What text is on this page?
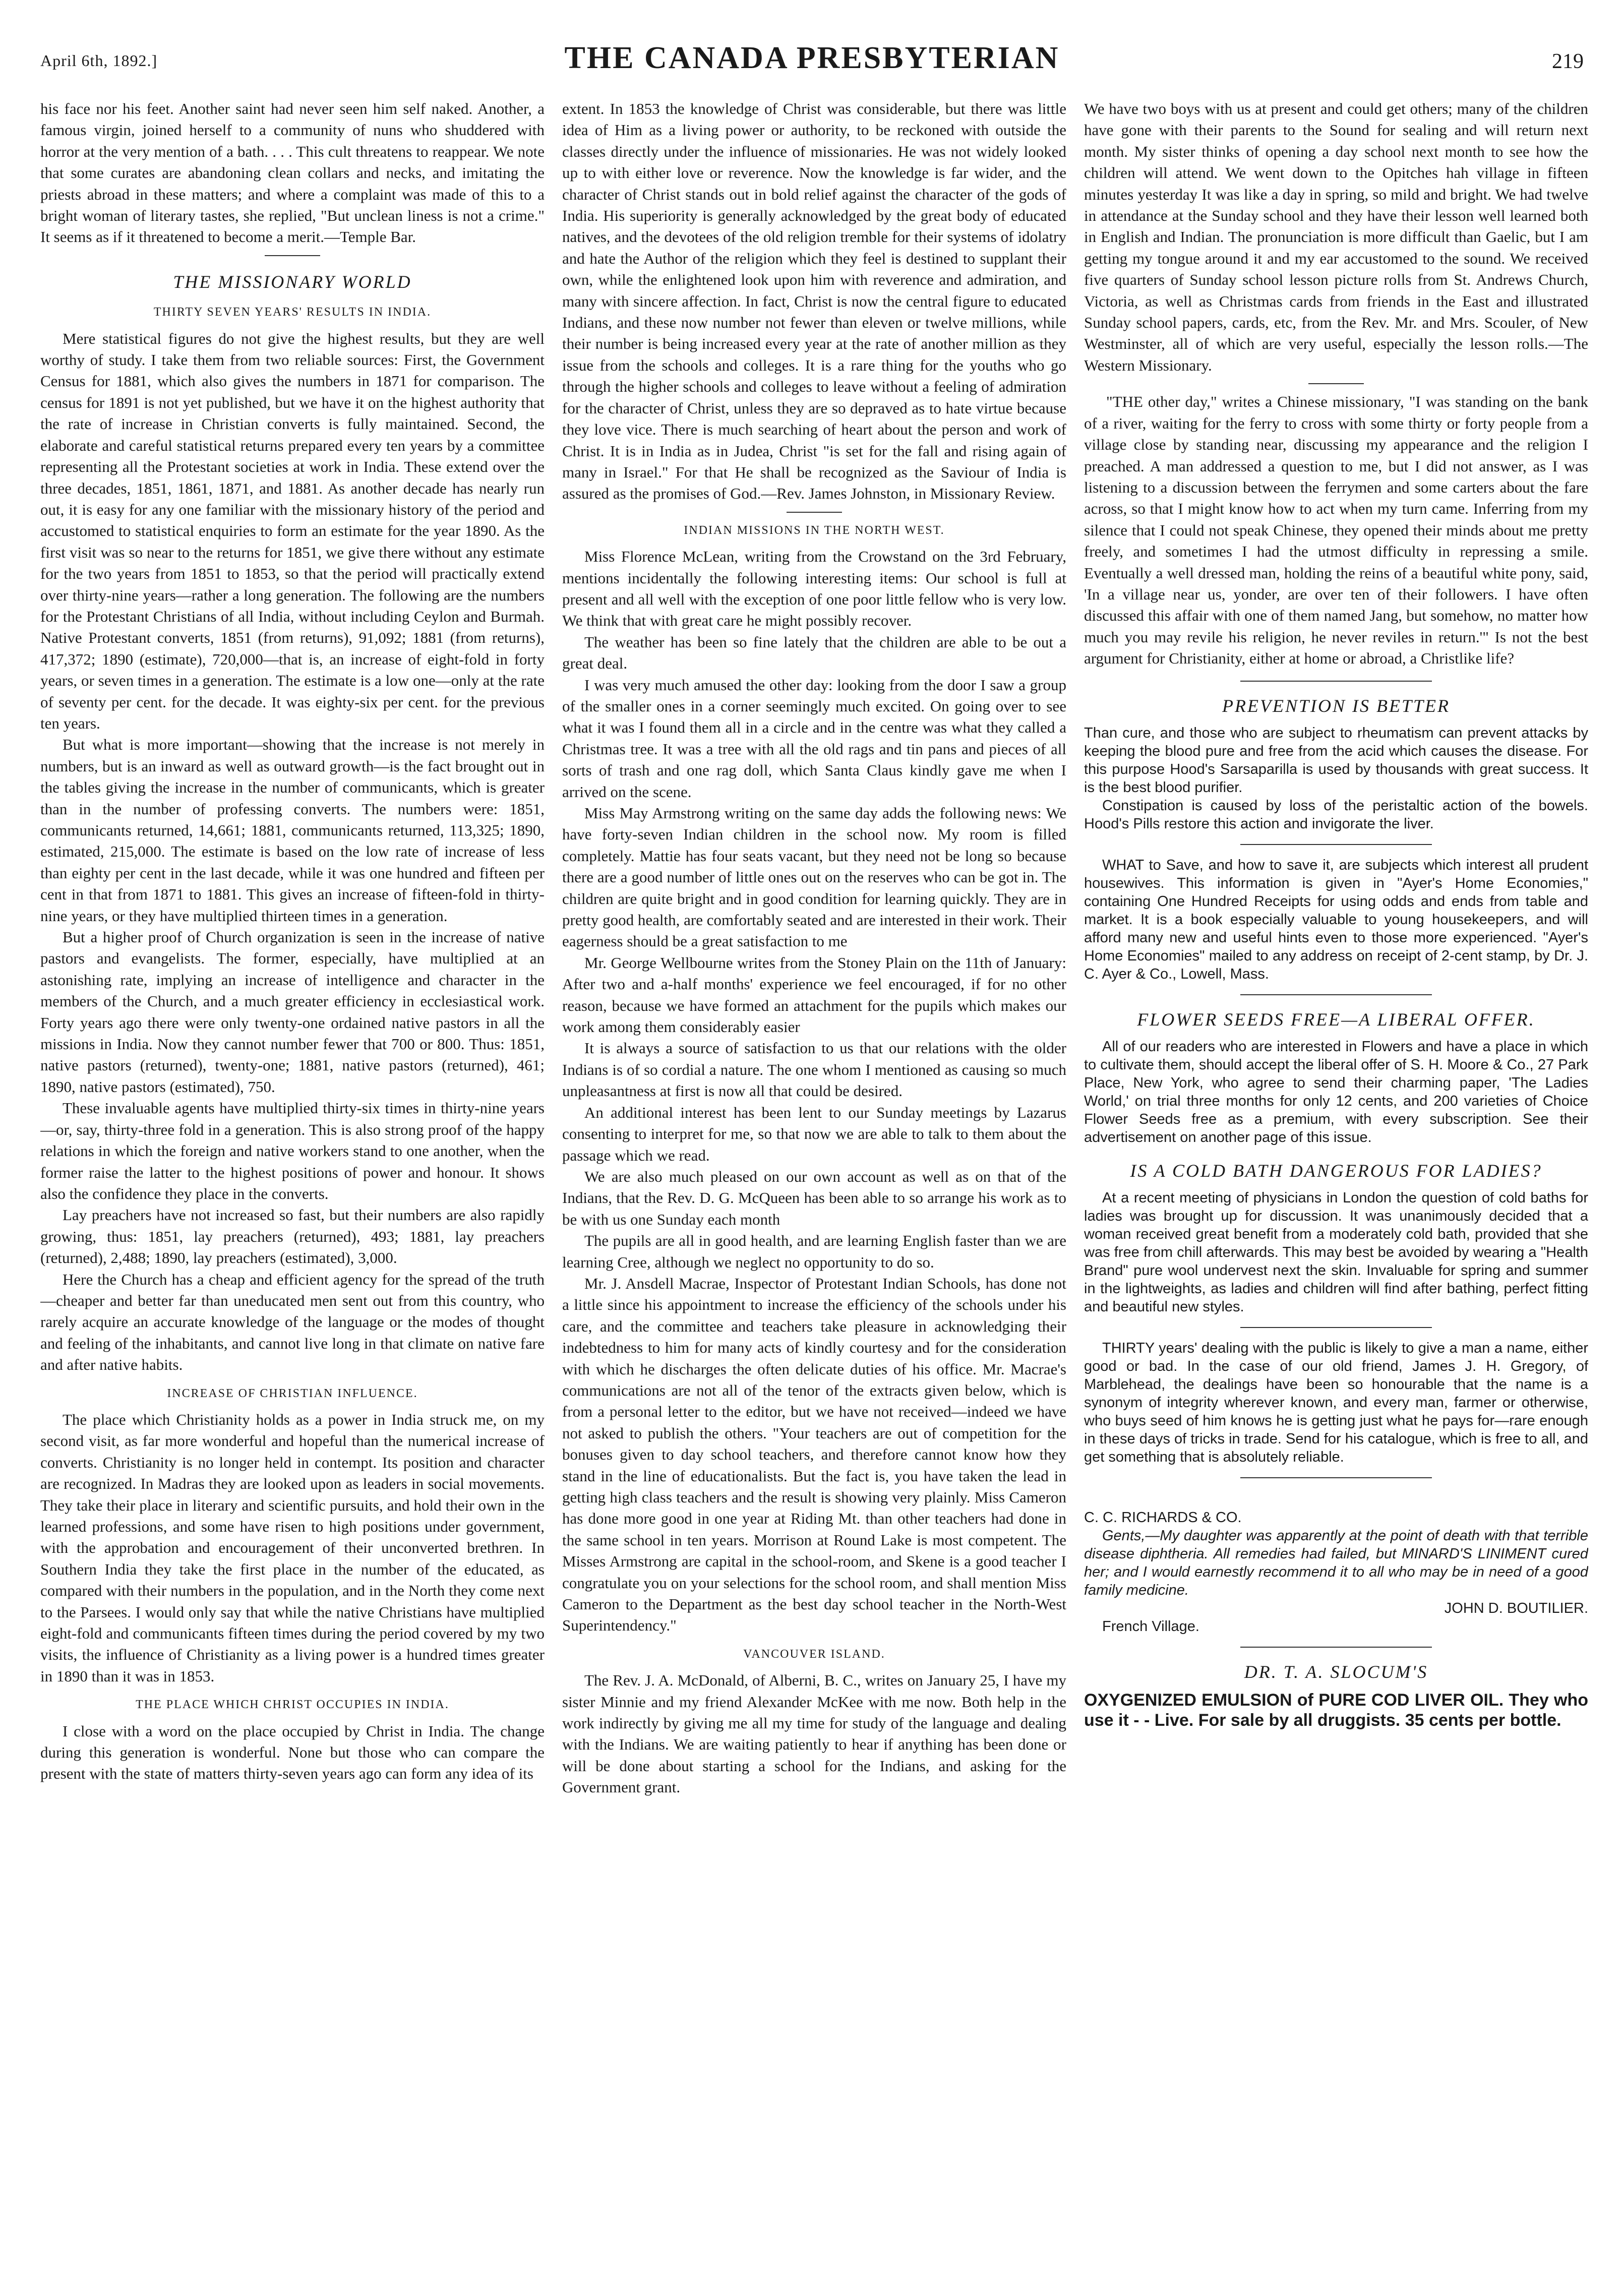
April 6th, 1892.]	THE CANADA PRESBYTERIAN	219

his face nor his feet. Another saint had never seen him self naked. Another, a famous virgin, joined herself to a community of nuns who shuddered with horror at the very mention of a bath. . . . This cult threatens to reappear. We note that some curates are abandoning clean collars and necks, and imitating the priests abroad in these matters; and where a complaint was made of this to a bright woman of literary tastes, she replied, "But unclean liness is not a crime." It seems as if it threatened to become a merit.—Temple Bar.

THE MISSIONARY WORLD
THIRTY SEVEN YEARS' RESULTS IN INDIA.

Mere statistical figures do not give the highest results, but they are well worthy of study. I take them from two reliable sources: First, the Government Census for 1881, which also gives the numbers in 1871 for comparison. The census for 1891 is not yet published, but we have it on the highest authority that the rate of increase in Christian converts is fully maintained. Second, the elaborate and careful statistical returns prepared every ten years by a committee representing all the Protestant societies at work in India. These extend over the three decades, 1851, 1861, 1871, and 1881. As another decade has nearly run out, it is easy for any one familiar with the missionary history of the period and accustomed to statistical enquiries to form an estimate for the year 1890. As the first visit was so near to the returns for 1851, we give there without any estimate for the two years from 1851 to 1853, so that the period will practically extend over thirty-nine years—rather a long generation. The following are the numbers for the Protestant Christians of all India, without including Ceylon and Burmah. Native Protestant converts, 1851 (from returns), 91,092; 1881 (from returns), 417,372; 1890 (estimate), 720,000—that is, an increase of eight-fold in forty years, or seven times in a generation. The estimate is a low one—only at the rate of seventy per cent. for the decade. It was eighty-six per cent. for the previous ten years.

But what is more important—showing that the increase is not merely in numbers, but is an inward as well as outward growth—is the fact brought out in the tables giving the increase in the number of communicants, which is greater than in the number of professing converts. The numbers were: 1851, communicants returned, 14,661; 1881, communicants returned, 113,325; 1890, estimated, 215,000. The estimate is based on the low rate of increase of less than eighty per cent in the last decade, while it was one hundred and fifteen per cent in that from 1871 to 1881. This gives an increase of fifteen-fold in thirty-nine years, or they have multiplied thirteen times in a generation.

But a higher proof of Church organization is seen in the increase of native pastors and evangelists. The former, especially, have multiplied at an astonishing rate, implying an increase of intelligence and character in the members of the Church, and a much greater efficiency in ecclesiastical work. Forty years ago there were only twenty-one ordained native pastors in all the missions in India. Now they cannot number fewer that 700 or 800. Thus: 1851, native pastors (returned), twenty-one; 1881, native pastors (returned), 461; 1890, native pastors (estimated), 750.

These invaluable agents have multiplied thirty-six times in thirty-nine years—or, say, thirty-three fold in a generation. This is also strong proof of the happy relations in which the foreign and native workers stand to one another, when the former raise the latter to the highest positions of power and honour. It shows also the confidence they place in the converts.

Lay preachers have not increased so fast, but their numbers are also rapidly growing, thus: 1851, lay preachers (returned), 493; 1881, lay preachers (returned), 2,488; 1890, lay preachers (estimated), 3,000.

Here the Church has a cheap and efficient agency for the spread of the truth—cheaper and better far than uneducated men sent out from this country, who rarely acquire an accurate knowledge of the language or the modes of thought and feeling of the inhabitants, and cannot live long in that climate on native fare and after native habits.

INCREASE OF CHRISTIAN INFLUENCE.

The place which Christianity holds as a power in India struck me, on my second visit, as far more wonderful and hopeful than the numerical increase of converts. Christianity is no longer held in contempt. Its position and character are recognized. In Madras they are looked upon as leaders in social movements. They take their place in literary and scientific pursuits, and hold their own in the learned professions, and some have risen to high positions under government, with the approbation and encouragement of their unconverted brethren. In Southern India they take the first place in the number of the educated, as compared with their numbers in the population, and in the North they come next to the Parsees. I would only say that while the native Christians have multiplied eight-fold and communicants fifteen times during the period covered by my two visits, the influence of Christianity as a living power is a hundred times greater in 1890 than it was in 1853.

THE PLACE WHICH CHRIST OCCUPIES IN INDIA.

I close with a word on the place occupied by Christ in India. The change during this generation is wonderful. None but those who can compare the present with the state of matters thirty-seven years ago can form any idea of its

extent. In 1853 the knowledge of Christ was considerable, but there was little idea of Him as a living power or authority, to be reckoned with outside the classes directly under the influence of missionaries. He was not widely looked up to with either love or reverence. Now the knowledge is far wider, and the character of Christ stands out in bold relief against the character of the gods of India. His superiority is generally acknowledged by the great body of educated natives, and the devotees of the old religion tremble for their systems of idolatry and hate the Author of the religion which they feel is destined to supplant their own, while the enlightened look upon him with reverence and admiration, and many with sincere affection. In fact, Christ is now the central figure to educated Indians, and these now number not fewer than eleven or twelve millions, while their number is being increased every year at the rate of another million as they issue from the schools and colleges. It is a rare thing for the youths who go through the higher schools and colleges to leave without a feeling of admiration for the character of Christ, unless they are so depraved as to hate virtue because they love vice. There is much searching of heart about the person and work of Christ. It is in India as in Judea, Christ "is set for the fall and rising again of many in Israel." For that He shall be recognized as the Saviour of India is assured as the promises of God.—Rev. James Johnston, in Missionary Review.

INDIAN MISSIONS IN THE NORTH WEST.

Miss Florence McLean, writing from the Crowstand on the 3rd February, mentions incidentally the following interesting items: Our school is full at present and all well with the exception of one poor little fellow who is very low. We think that with great care he might possibly recover.

The weather has been so fine lately that the children are able to be out a great deal.

I was very much amused the other day: looking from the door I saw a group of the smaller ones in a corner seemingly much excited. On going over to see what it was I found them all in a circle and in the centre was what they called a Christmas tree. It was a tree with all the old rags and tin pans and pieces of all sorts of trash and one rag doll, which Santa Claus kindly gave me when I arrived on the scene.

Miss May Armstrong writing on the same day adds the following news: We have forty-seven Indian children in the school now. My room is filled completely. Mattie has four seats vacant, but they need not be long so because there are a good number of little ones out on the reserves who can be got in. The children are quite bright and in good condition for learning quickly. They are in pretty good health, are comfortably seated and are interested in their work. Their eagerness should be a great satisfaction to me

Mr. George Wellbourne writes from the Stoney Plain on the 11th of January: After two and a-half months' experience we feel encouraged, if for no other reason, because we have formed an attachment for the pupils which makes our work among them considerably easier

It is always a source of satisfaction to us that our relations with the older Indians is of so cordial a nature. The one whom I mentioned as causing so much unpleasantness at first is now all that could be desired.

An additional interest has been lent to our Sunday meetings by Lazarus consenting to interpret for me, so that now we are able to talk to them about the passage which we read.

We are also much pleased on our own account as well as on that of the Indians, that the Rev. D. G. McQueen has been able to so arrange his work as to be with us one Sunday each month

The pupils are all in good health, and are learning English faster than we are learning Cree, although we neglect no opportunity to do so.

Mr. J. Ansdell Macrae, Inspector of Protestant Indian Schools, has done not a little since his appointment to increase the efficiency of the schools under his care, and the committee and teachers take pleasure in acknowledging their indebtedness to him for many acts of kindly courtesy and for the consideration with which he discharges the often delicate duties of his office. Mr. Macrae's communications are not all of the tenor of the extracts given below, which is from a personal letter to the editor, but we have not received—indeed we have not asked to publish the others. "Your teachers are out of competition for the bonuses given to day school teachers, and therefore cannot know how they stand in the line of educationalists. But the fact is, you have taken the lead in getting high class teachers and the result is showing very plainly. Miss Cameron has done more good in one year at Riding Mt. than other teachers had done in the same school in ten years. Morrison at Round Lake is most competent. The Misses Armstrong are capital in the school-room, and Skene is a good teacher I congratulate you on your selections for the school room, and shall mention Miss Cameron to the Department as the best day school teacher in the North-West Superintendency."

VANCOUVER ISLAND.

The Rev. J. A. McDonald, of Alberni, B. C., writes on January 25, I have my sister Minnie and my friend Alexander McKee with me now. Both help in the work indirectly by giving me all my time for study of the language and dealing with the Indians. We are waiting patiently to hear if anything has been done or will be done about starting a school for the Indians, and asking for the Government grant.

We have two boys with us at present and could get others; many of the children have gone with their parents to the Sound for sealing and will return next month. My sister thinks of opening a day school next month to see how the children will attend. We went down to the Opitches hah village in fifteen minutes yesterday It was like a day in spring, so mild and bright. We had twelve in attendance at the Sunday school and they have their lesson well learned both in English and Indian. The pronunciation is more difficult than Gaelic, but I am getting my tongue around it and my ear accustomed to the sound. We received five quarters of Sunday school lesson picture rolls from St. Andrews Church, Victoria, as well as Christmas cards from friends in the East and illustrated Sunday school papers, cards, etc, from the Rev. Mr. and Mrs. Scouler, of New Westminster, all of which are very useful, especially the lesson rolls.—The Western Missionary.

"THE other day," writes a Chinese missionary, "I was standing on the bank of a river, waiting for the ferry to cross with some thirty or forty people from a village close by standing near, discussing my appearance and the religion I preached. A man addressed a question to me, but I did not answer, as I was listening to a discussion between the ferrymen and some carters about the fare across, so that I might know how to act when my turn came. Inferring from my silence that I could not speak Chinese, they opened their minds about me pretty freely, and sometimes I had the utmost difficulty in repressing a smile. Eventually a well dressed man, holding the reins of a beautiful white pony, said, 'In a village near us, yonder, are over ten of their followers. I have often discussed this affair with one of them named Jang, but somehow, no matter how much you may revile his religion, he never reviles in return.'" Is not the best argument for Christianity, either at home or abroad, a Christlike life?

PREVENTION IS BETTER

Than cure, and those who are subject to rheumatism can prevent attacks by keeping the blood pure and free from the acid which causes the disease. For this purpose Hood's Sarsaparilla is used by thousands with great success. It is the best blood purifier.

Constipation is caused by loss of the peristaltic action of the bowels. Hood's Pills restore this action and invigorate the liver.

WHAT to Save, and how to save it, are subjects which interest all prudent housewives. This information is given in "Ayer's Home Economies," containing One Hundred Receipts for using odds and ends from table and market. It is a book especially valuable to young housekeepers, and will afford many new and useful hints even to those more experienced. "Ayer's Home Economies" mailed to any address on receipt of 2-cent stamp, by Dr. J. C. Ayer & Co., Lowell, Mass.

FLOWER SEEDS FREE—A LIBERAL OFFER.

All of our readers who are interested in Flowers and have a place in which to cultivate them, should accept the liberal offer of S. H. Moore & Co., 27 Park Place, New York, who agree to send their charming paper, 'The Ladies World,' on trial three months for only 12 cents, and 200 varieties of Choice Flower Seeds free as a premium, with every subscription. See their advertisement on another page of this issue.

IS A COLD BATH DANGEROUS FOR LADIES?

At a recent meeting of physicians in London the question of cold baths for ladies was brought up for discussion. It was unanimously decided that a woman received great benefit from a moderately cold bath, provided that she was free from chill afterwards. This may best be avoided by wearing a "Health Brand" pure wool undervest next the skin. Invaluable for spring and summer in the lightweights, as ladies and children will find after bathing, perfect fitting and beautiful new styles.

THIRTY years' dealing with the public is likely to give a man a name, either good or bad. In the case of our old friend, James J. H. Gregory, of Marblehead, the dealings have been so honourable that the name is a synonym of integrity wherever known, and every man, farmer or otherwise, who buys seed of him knows he is getting just what he pays for—rare enough in these days of tricks in trade. Send for his catalogue, which is free to all, and get something that is absolutely reliable.

C. C. RICHARDS & CO.

Gents,—My daughter was apparently at the point of death with that terrible disease diphtheria. All remedies had failed, but MINARD'S LINIMENT cured her; and I would earnestly recommend it to all who may be in need of a good family medicine.

JOHN D. BOUTILIER.

French Village.

DR. T. A. SLOCUM'S

OXYGENIZED EMULSION of PURE COD LIVER OIL. They who use it - - Live. For sale by all druggists. 35 cents per bottle.
